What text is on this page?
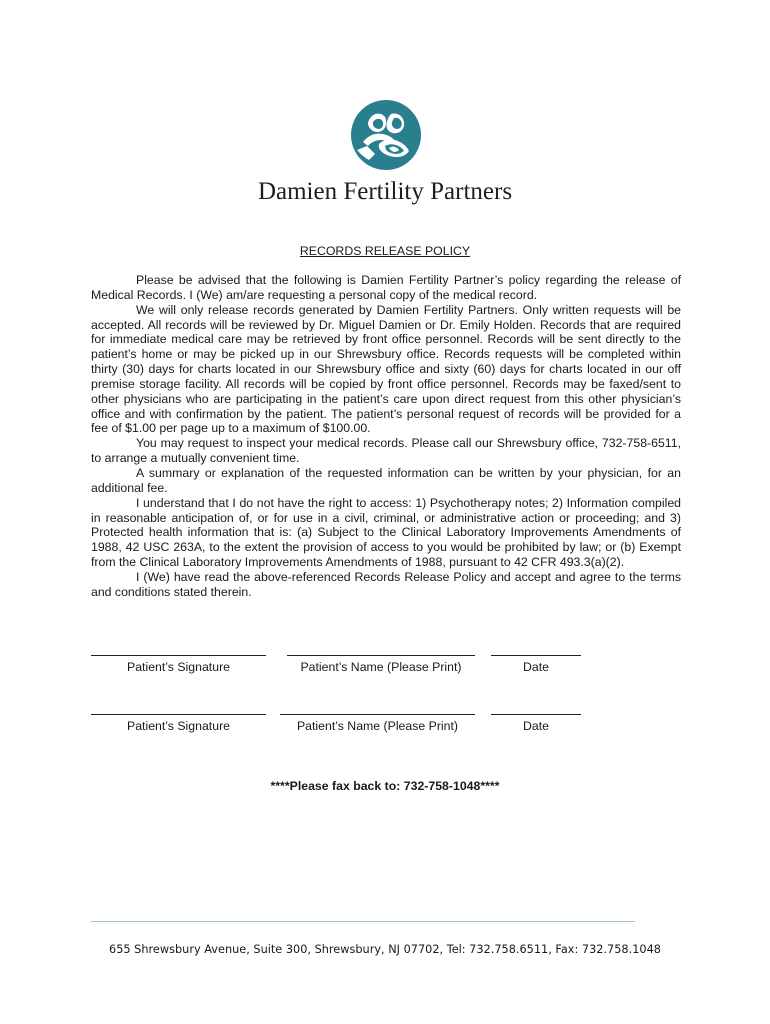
Damien Fertility Partners
RECORDS RELEASE POLICY

Please be advised that the following is Damien Fertility Partner’s policy regarding the release of Medical Records. I (We) am/are requesting a personal copy of the medical record.

We will only release records generated by Damien Fertility Partners. Only written requests will be accepted. All records will be reviewed by Dr. Miguel Damien or Dr. Emily Holden. Records that are required for immediate medical care may be retrieved by front office personnel. Records will be sent directly to the patient’s home or may be picked up in our Shrewsbury office. Records requests will be completed within thirty (30) days for charts located in our Shrewsbury office and sixty (60) days for charts located in our off premise storage facility. All records will be copied by front office personnel. Records may be faxed/sent to other physicians who are participating in the patient’s care upon direct request from this other physician’s office and with confirmation by the patient. The patient’s personal request of records will be provided for a fee of $1.00 per page up to a maximum of $100.00.

You may request to inspect your medical records. Please call our Shrewsbury office, 732-758-6511, to arrange a mutually convenient time.

A summary or explanation of the requested information can be written by your physician, for an additional fee.

I understand that I do not have the right to access: 1) Psychotherapy notes; 2) Information compiled in reasonable anticipation of, or for use in a civil, criminal, or administrative action or proceeding; and 3) Protected health information that is: (a) Subject to the Clinical Laboratory Improvements Amendments of 1988, 42 USC 263A, to the extent the provision of access to you would be prohibited by law; or (b) Exempt from the Clinical Laboratory Improvements Amendments of 1988, pursuant to 42 CFR 493.3(a)(2).

I (We) have read the above-referenced Records Release Policy and accept and agree to the terms and conditions stated therein.

Patient’s Signature	Patient’s Name (Please Print)	Date
Patient’s Signature	Patient’s Name (Please Print)	Date
****Please fax back to: 732-758-1048****
655 Shrewsbury Avenue, Suite 300, Shrewsbury, NJ 07702, Tel: 732.758.6511, Fax: 732.758.1048
